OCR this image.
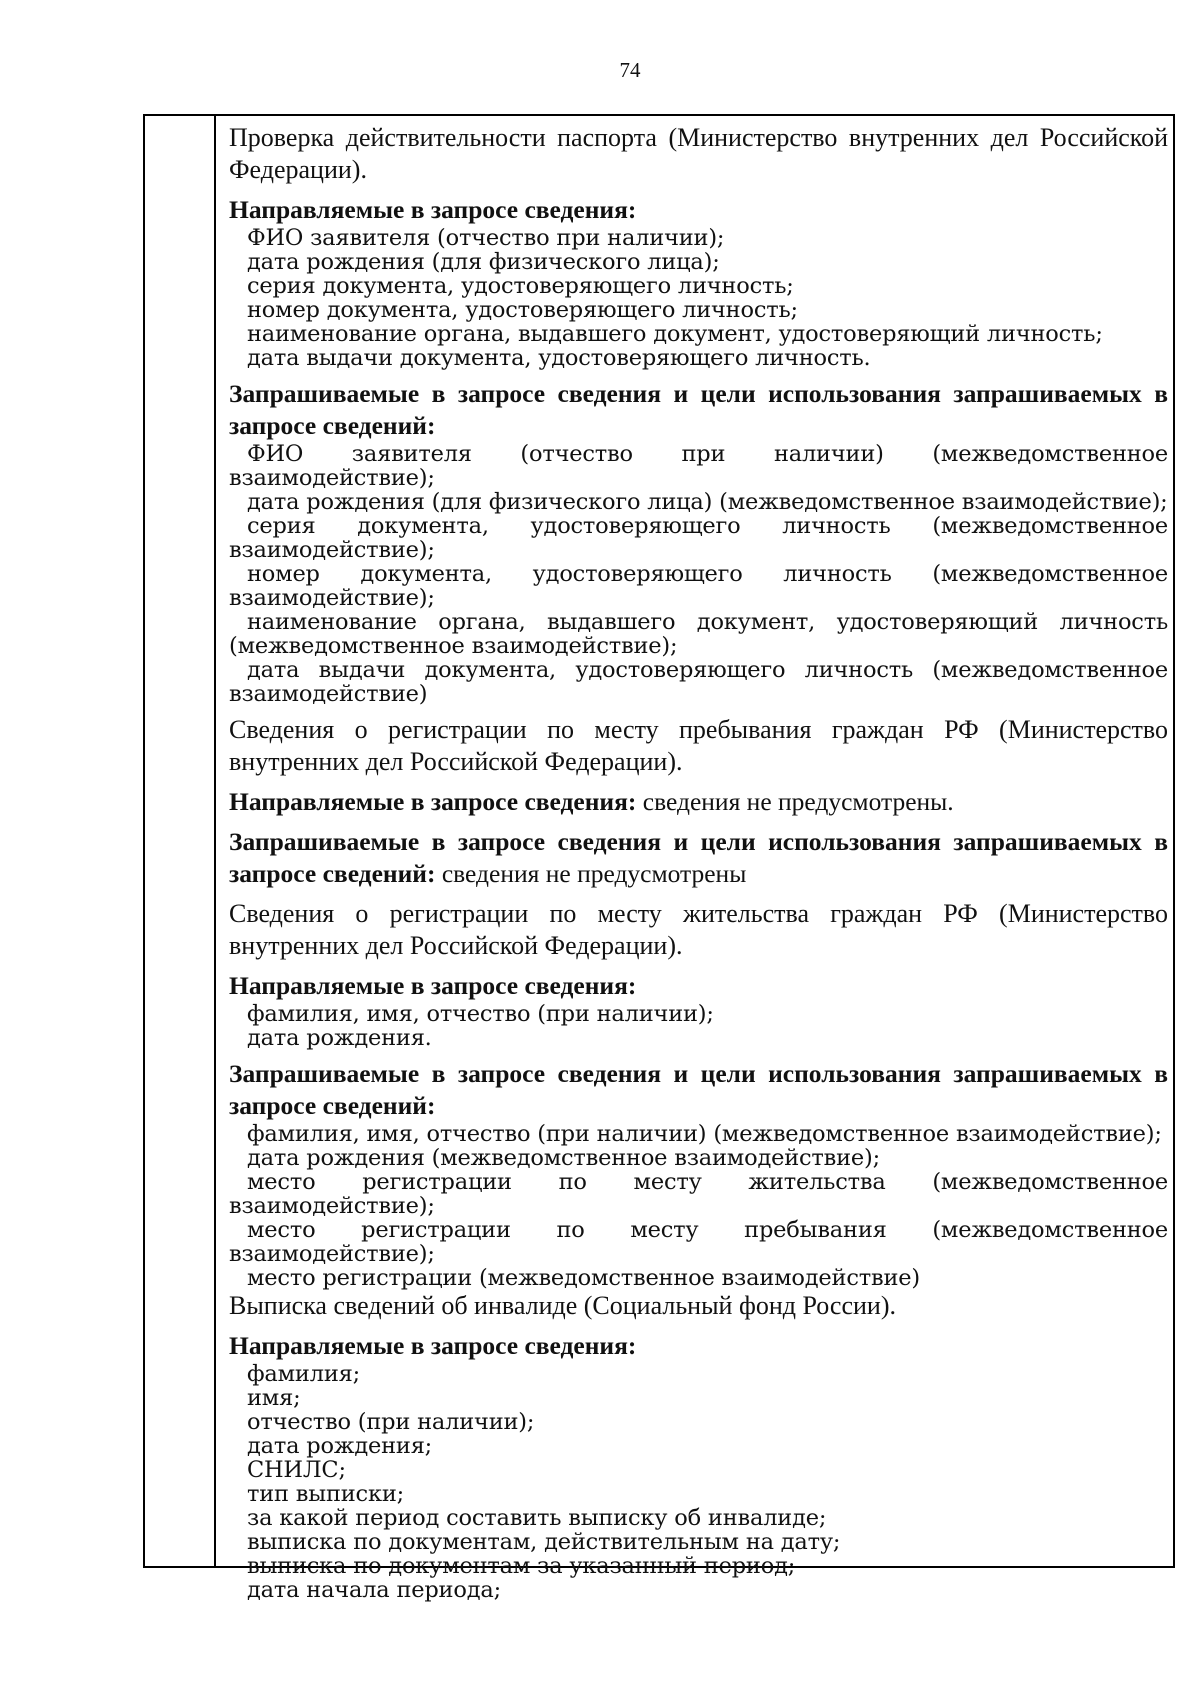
74

Проверка действительности паспорта (Министерство внутренних дел Российской Федерации).

Направляемые в запросе сведения:

ФИО заявителя (отчество при наличии);

дата рождения (для физического лица);

серия документа, удостоверяющего личность;

номер документа, удостоверяющего личность;

наименование органа, выдавшего документ, удостоверяющий личность;

дата выдачи документа, удостоверяющего личность.

Запрашиваемые в запросе сведения и цели использования запрашиваемых в запросе сведений:

ФИО заявителя (отчество при наличии) (межведомственное взаимодействие);

дата рождения (для физического лица) (межведомственное взаимодействие);

серия документа, удостоверяющего личность (межведомственное взаимодействие);

номер документа, удостоверяющего личность (межведомственное взаимодействие);

наименование органа, выдавшего документ, удостоверяющий личность (межведомственное взаимодействие);

дата выдачи документа, удостоверяющего личность (межведомственное взаимодействие)

Сведения о регистрации по месту пребывания граждан РФ (Министерство внутренних дел Российской Федерации).

Направляемые в запросе сведения: сведения не предусмотрены.

Запрашиваемые в запросе сведения и цели использования запрашиваемых в запросе сведений: сведения не предусмотрены

Сведения о регистрации по месту жительства граждан РФ (Министерство внутренних дел Российской Федерации).

Направляемые в запросе сведения:

фамилия, имя, отчество (при наличии);

дата рождения.

Запрашиваемые в запросе сведения и цели использования запрашиваемых в запросе сведений:

фамилия, имя, отчество (при наличии) (межведомственное взаимодействие);

дата рождения (межведомственное взаимодействие);

место регистрации по месту жительства (межведомственное взаимодействие);

место регистрации по месту пребывания (межведомственное взаимодействие);

место регистрации (межведомственное взаимодействие)

Выписка сведений об инвалиде (Социальный фонд России).

Направляемые в запросе сведения:

фамилия;

имя;

отчество (при наличии);

дата рождения;

СНИЛС;

тип выписки;

за какой период составить выписку об инвалиде;

выписка по документам, действительным на дату;

выписка по документам за указанный период;

дата начала периода;
